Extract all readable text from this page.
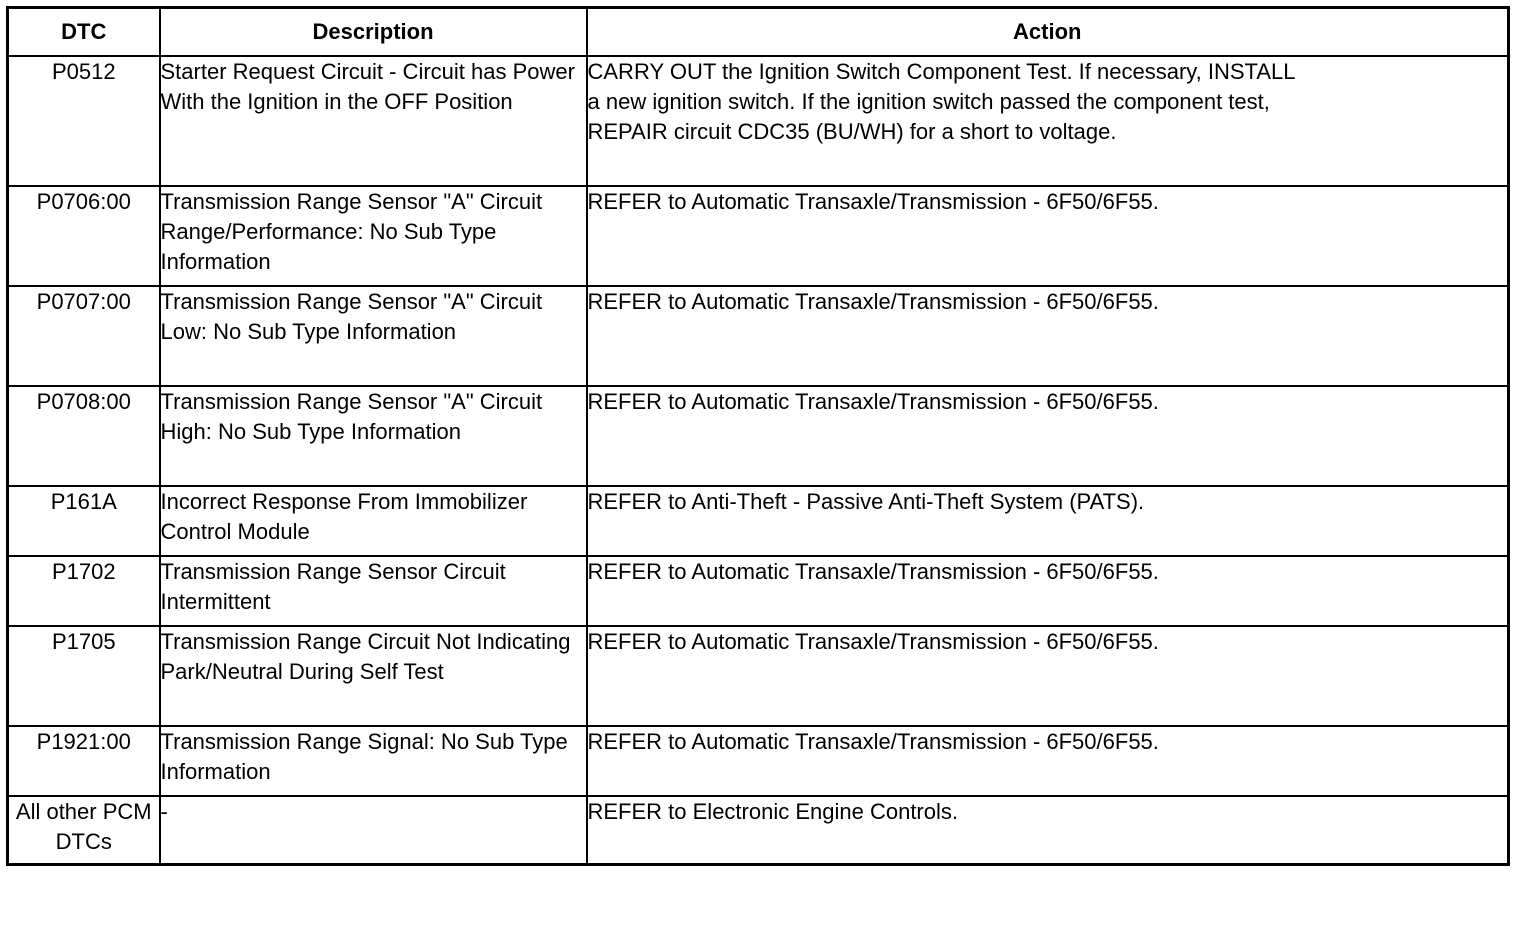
DTC	Description	Action
P0512	Starter Request Circuit - Circuit has Power With the Ignition in the OFF Position	CARRY OUT the Ignition Switch Component Test. If necessary, INSTALL
a new ignition switch. If the ignition switch passed the component test,
REPAIR circuit CDC35 (BU/WH) for a short to voltage.
P0706:00	Transmission Range Sensor "A" Circuit Range/Performance: No Sub Type Information	REFER to Automatic Transaxle/Transmission - 6F50/6F55.
P0707:00	Transmission Range Sensor "A" Circuit Low: No Sub Type Information	REFER to Automatic Transaxle/Transmission - 6F50/6F55.
P0708:00	Transmission Range Sensor "A" Circuit High: No Sub Type Information	REFER to Automatic Transaxle/Transmission - 6F50/6F55.
P161A	Incorrect Response From Immobilizer Control Module	REFER to Anti-Theft - Passive Anti-Theft System (PATS).
P1702	Transmission Range Sensor Circuit Intermittent	REFER to Automatic Transaxle/Transmission - 6F50/6F55.
P1705	Transmission Range Circuit Not Indicating Park/Neutral During Self Test	REFER to Automatic Transaxle/Transmission - 6F50/6F55.
P1921:00	Transmission Range Signal: No Sub Type Information	REFER to Automatic Transaxle/Transmission - 6F50/6F55.
All other PCM DTCs	-	REFER to Electronic Engine Controls.
